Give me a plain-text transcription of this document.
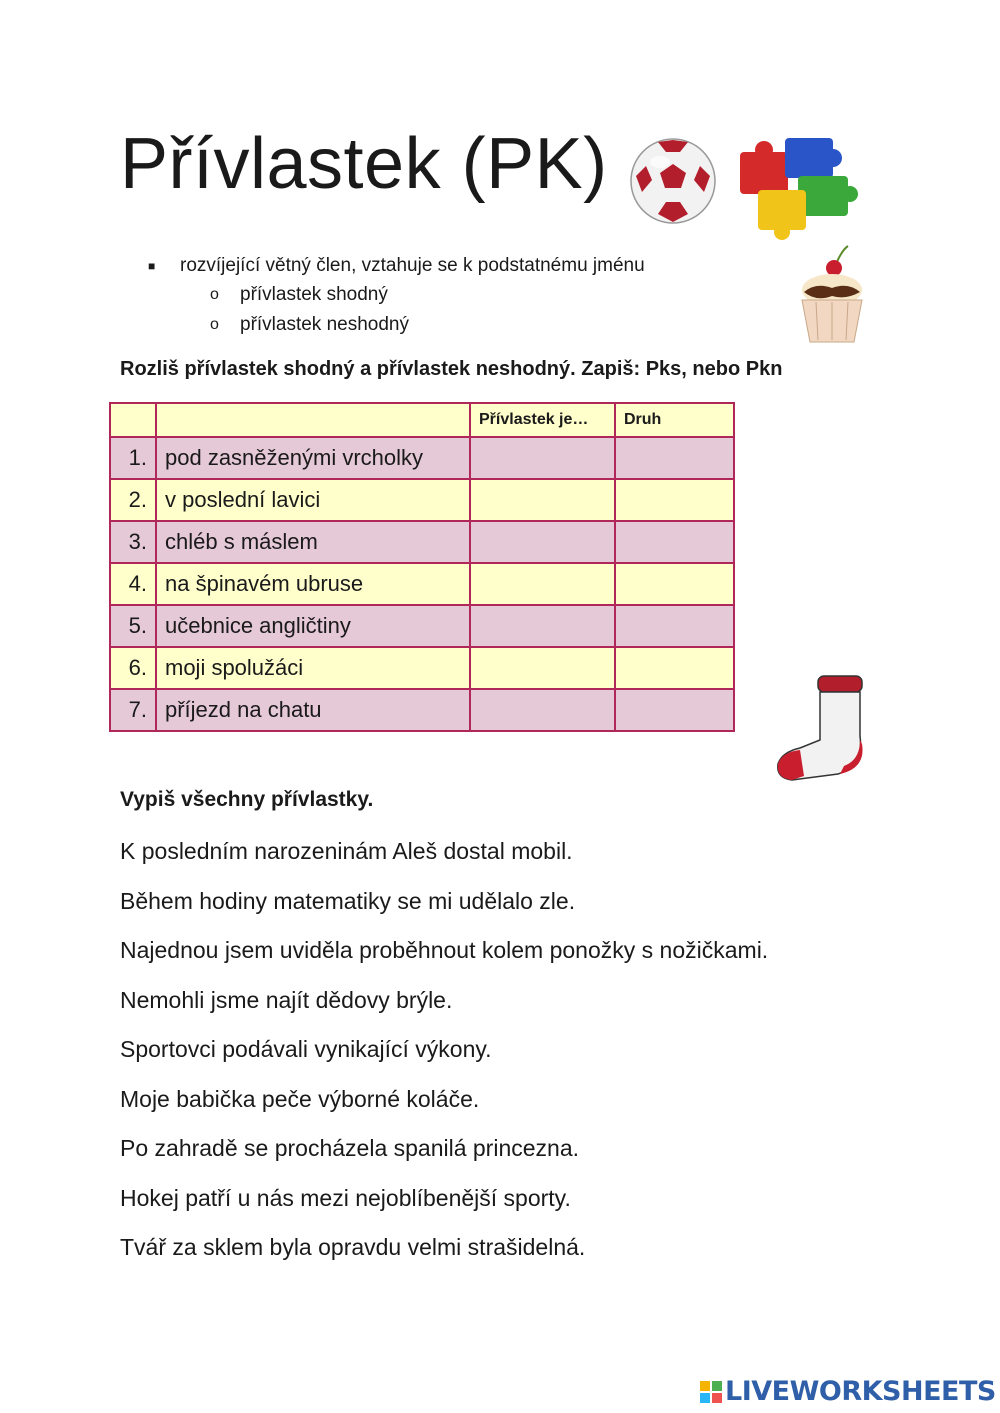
Přívlastek (PK)
■	rozvíjející větný člen, vztahuje se k podstatnému jménu
o	přívlastek shodný
o	přívlastek neshodný

Rozliš přívlastek shodný a přívlastek neshodný. Zapiš: Pks, nebo Pkn

		Přívlastek je…	Druh
1.	pod zasněženými vrcholky		
2.	v poslední lavici		
3.	chléb s máslem		
4.	na špinavém ubruse		
5.	učebnice angličtiny		
6.	moji spolužáci		
7.	příjezd na chatu		

Vypiš všechny přívlastky.

K posledním narozeninám Aleš dostal mobil.
Během hodiny matematiky se mi udělalo zle.
Najednou jsem uviděla proběhnout kolem ponožky s nožičkami.
Nemohli jsme najít dědovy brýle.
Sportovci podávali vynikající výkony.
Moje babička peče výborné koláče.
Po zahradě se procházela spanilá princezna.
Hokej patří u nás mezi nejoblíbenější sporty.
Tvář za sklem byla opravdu velmi strašidelná.
LIVEWORKSHEETS
